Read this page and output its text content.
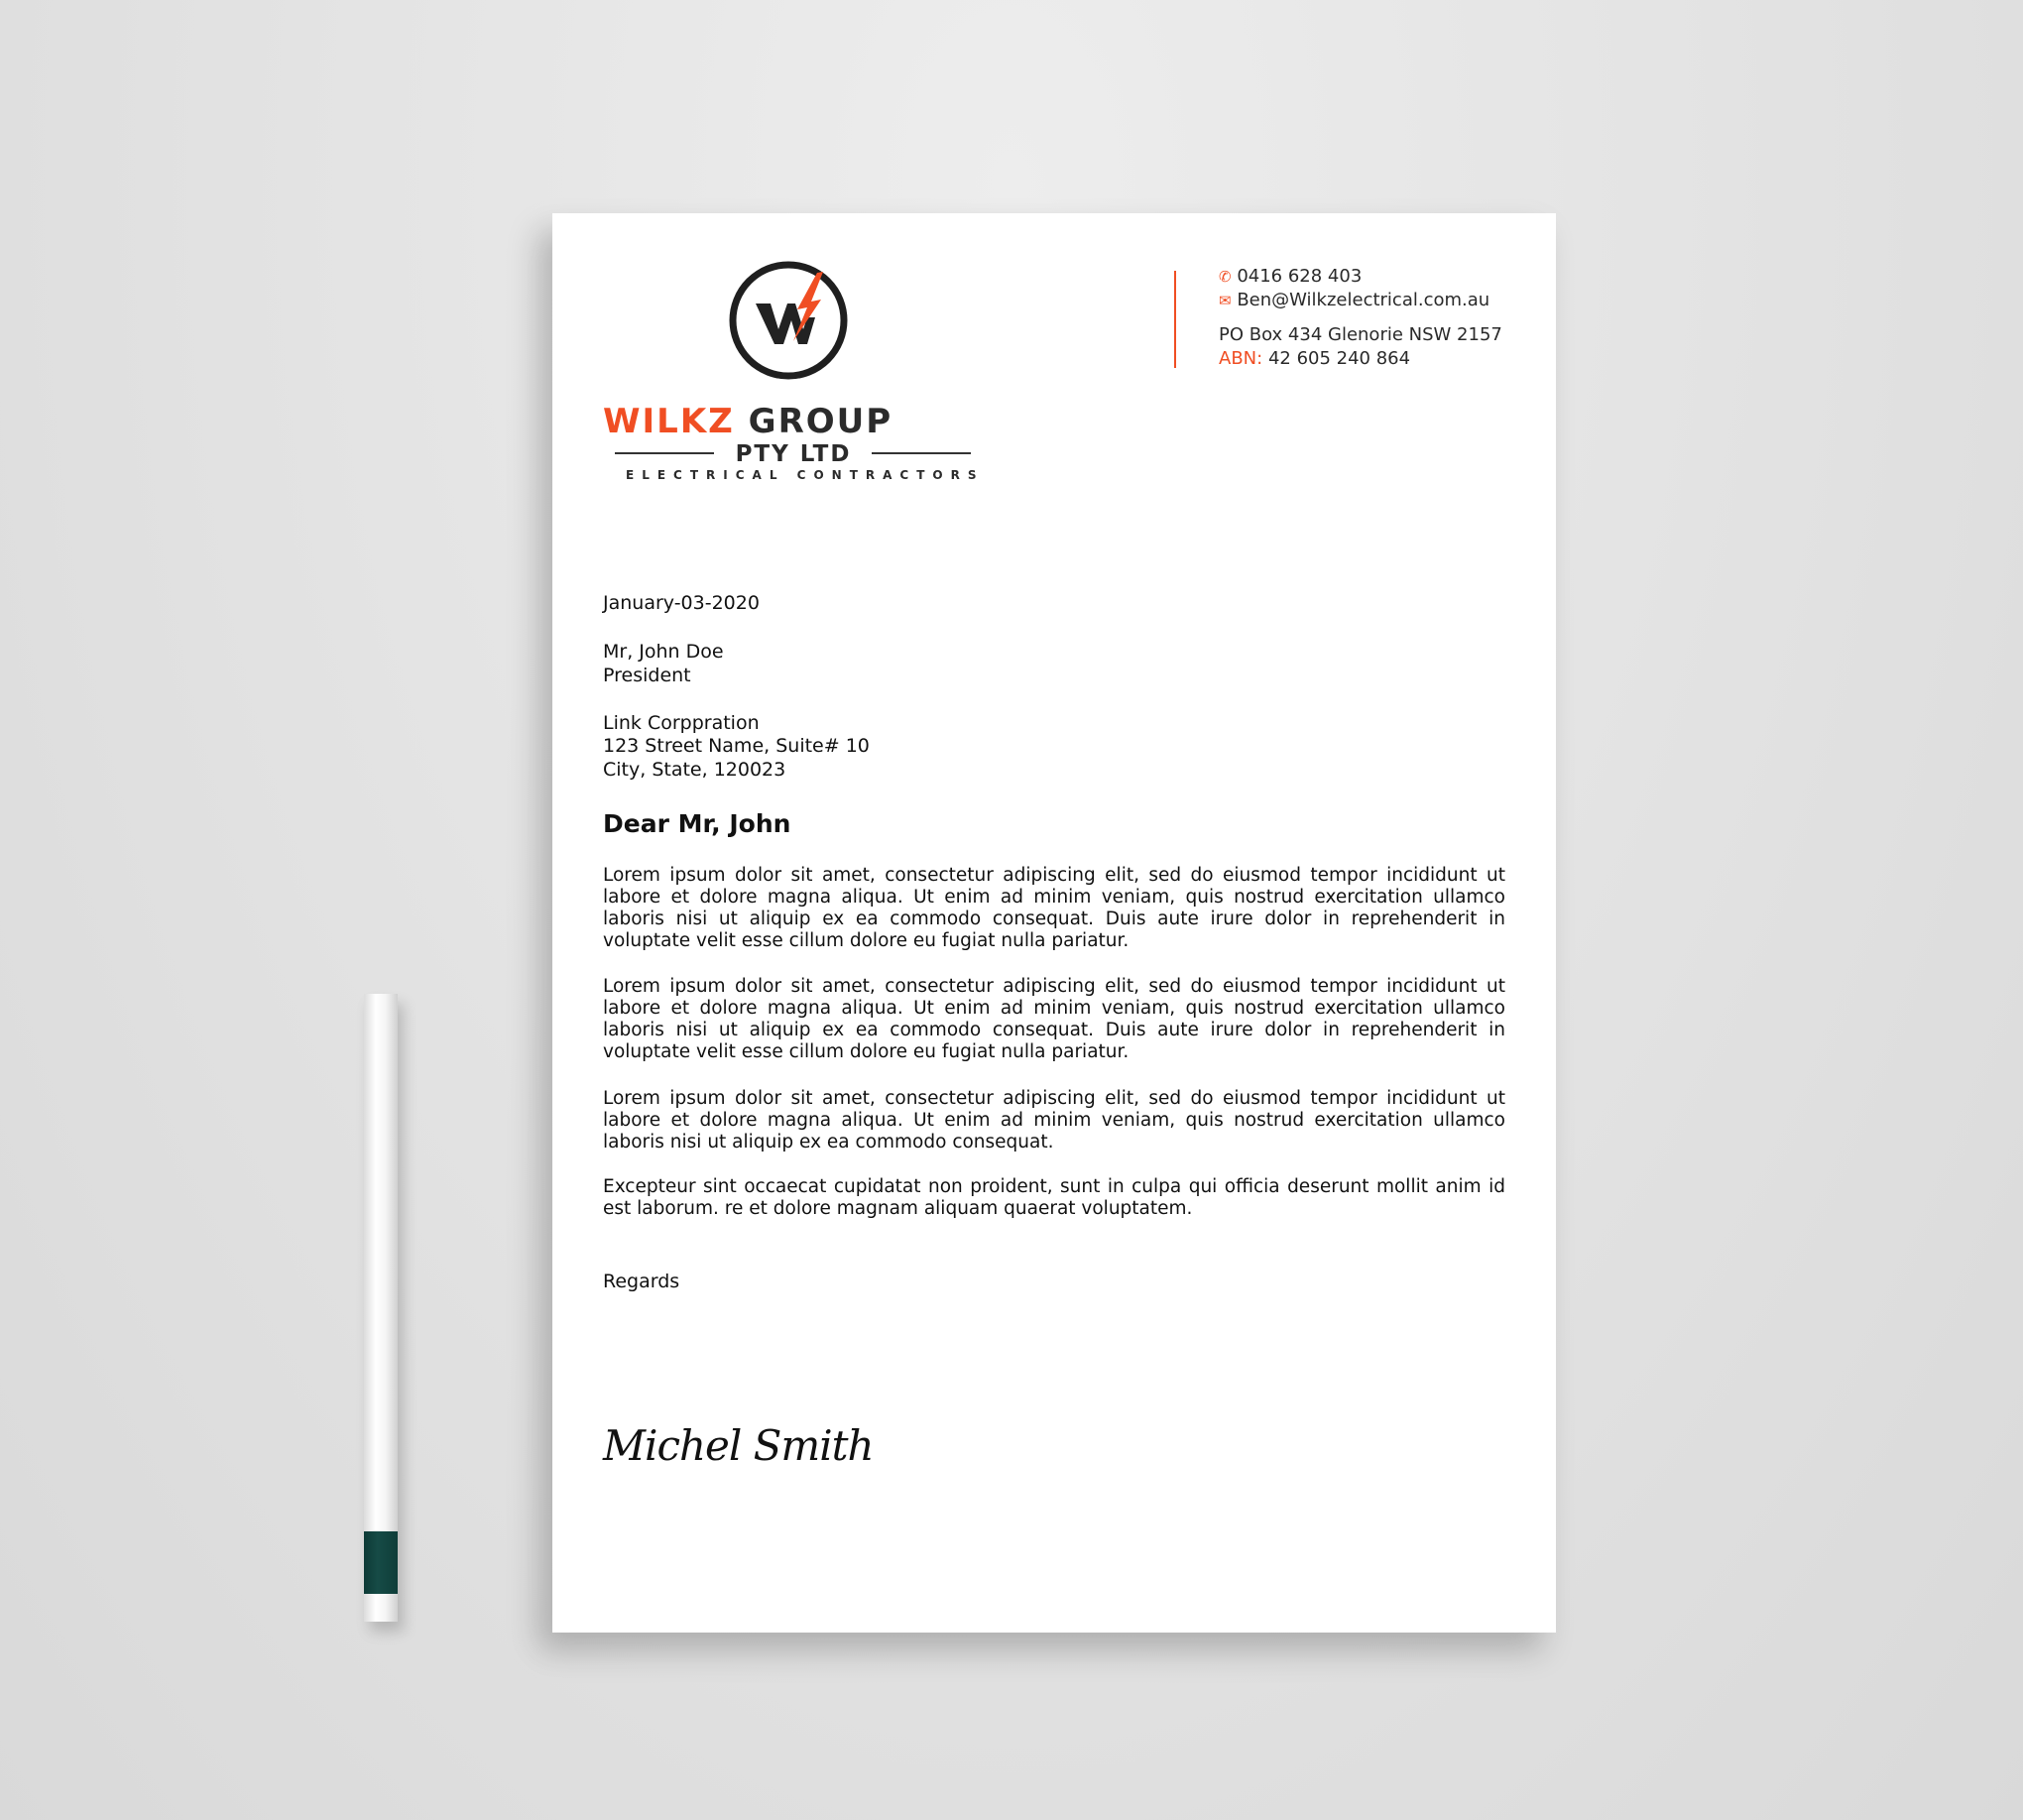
WILKZ GROUP
PTY LTD
ELECTRICAL CONTRACTORS
✆ 0416 628 403
✉ Ben@Wilkzelectrical.com.au
PO Box 434 Glenorie NSW 2157
ABN: 42 605 240 864
January-03-2020
Mr, John Doe
President
Link Corppration
123 Street Name, Suite# 10
City, State, 120023
Dear Mr, John
Lorem ipsum dolor sit amet, consectetur adipiscing elit, sed do eiusmod tempor incididunt ut labore et dolore magna aliqua. Ut enim ad minim veniam, quis nostrud exercitation ullamco laboris nisi ut aliquip ex ea commodo consequat. Duis aute irure dolor in reprehenderit in voluptate velit esse cillum dolore eu fugiat nulla pariatur.
Lorem ipsum dolor sit amet, consectetur adipiscing elit, sed do eiusmod tempor incididunt ut labore et dolore magna aliqua. Ut enim ad minim veniam, quis nostrud exercitation ullamco laboris nisi ut aliquip ex ea commodo consequat. Duis aute irure dolor in reprehenderit in voluptate velit esse cillum dolore eu fugiat nulla pariatur.
Lorem ipsum dolor sit amet, consectetur adipiscing elit, sed do eiusmod tempor incididunt ut labore et dolore magna aliqua. Ut enim ad minim veniam, quis nostrud exercitation ullamco laboris nisi ut aliquip ex ea commodo consequat.
Excepteur sint occaecat cupidatat non proident, sunt in culpa qui officia deserunt mollit anim id est laborum. re et dolore magnam aliquam quaerat voluptatem.
Regards
Michel Smith
